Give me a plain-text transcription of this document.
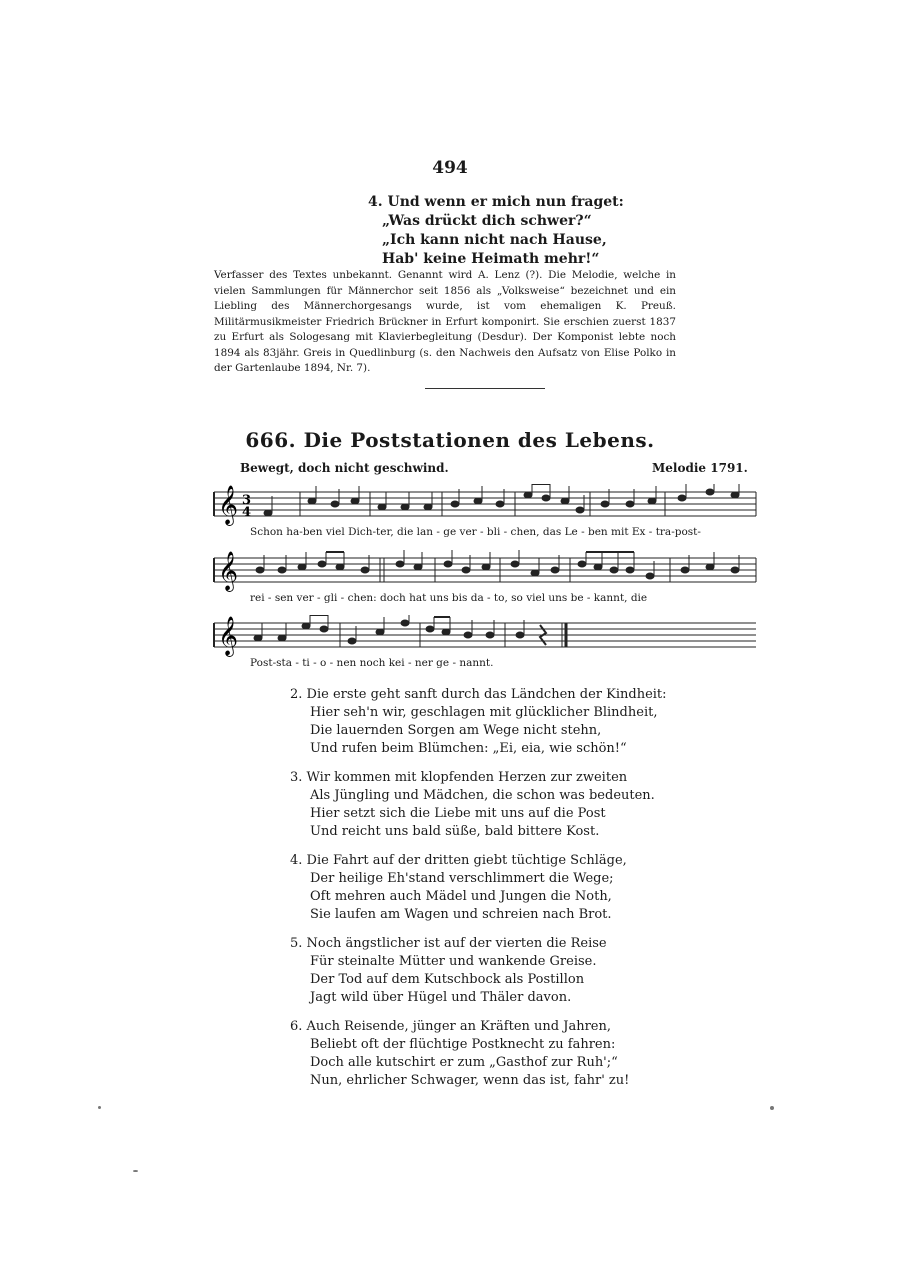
494
4. Und wenn er mich nun fraget:
„Was drückt dich schwer?“
„Ich kann nicht nach Hause,
Hab' keine Heimath mehr!“

Verfasser des Textes unbekannt. Genannt wird A. Lenz (?). Die Melodie, welche in vielen Sammlungen für Männerchor seit 1856 als „Volksweise“ bezeichnet und ein Liebling des Männerchorgesangs wurde, ist vom ehemaligen K. Preuß. Militärmusikmeister Friedrich Brückner in Erfurt komponirt. Sie erschien zuerst 1837 zu Erfurt als Sologesang mit Klavierbegleitung (Desdur). Der Komponist lebte noch 1894 als 83jähr. Greis in Quedlinburg (s. den Nachweis den Aufsatz von Elise Polko in der Gartenlaube 1894, Nr. 7).

666. Die Poststationen des Lebens.
Bewegt, doch nicht geschwind.	Melodie 1791.
𝄞 3
4
Schon ha-ben viel Dich-ter, die lan - ge ver - bli - chen, das Le - ben mit Ex - tra-post-
𝄞
rei - sen ver - gli - chen: doch hat uns bis da - to, so viel uns be - kannt, die
𝄞
Post-sta - ti - o - nen noch kei - ner ge - nannt.
2. Die erste geht sanft durch das Ländchen der Kindheit:
Hier seh'n wir, geschlagen mit glücklicher Blindheit,
Die lauernden Sorgen am Wege nicht stehn,
Und rufen beim Blümchen: „Ei, eia, wie schön!“
3. Wir kommen mit klopfenden Herzen zur zweiten
Als Jüngling und Mädchen, die schon was bedeuten.
Hier setzt sich die Liebe mit uns auf die Post
Und reicht uns bald süße, bald bittere Kost.
4. Die Fahrt auf der dritten giebt tüchtige Schläge,
Der heilige Eh'stand verschlimmert die Wege;
Oft mehren auch Mädel und Jungen die Noth,
Sie laufen am Wagen und schreien nach Brot.
5. Noch ängstlicher ist auf der vierten die Reise
Für steinalte Mütter und wankende Greise.
Der Tod auf dem Kutschbock als Postillon
Jagt wild über Hügel und Thäler davon.
6. Auch Reisende, jünger an Kräften und Jahren,
Beliebt oft der flüchtige Postknecht zu fahren:
Doch alle kutschirt er zum „Gasthof zur Ruh';“
Nun, ehrlicher Schwager, wenn das ist, fahr' zu!
